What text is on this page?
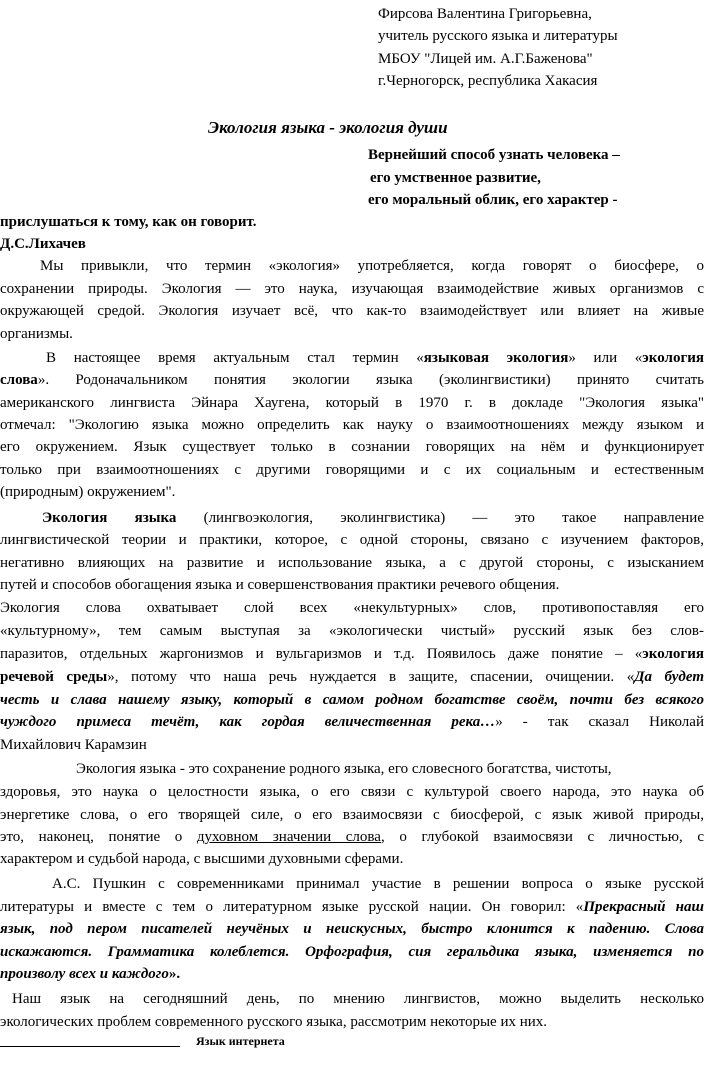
Фирсова Валентина Григорьевна,
учитель русского языка и литературы
МБОУ "Лицей им. А.Г.Баженова"
г.Черногорск, республика Хакасия
Экология языка - экология души
Вернейший способ узнать человека –
его умственное развитие,
его моральный облик, его характер -
прислушаться к тому, как он говорит.
Д.С.Лихачев
Мы привыкли, что термин «экология» употребляется, когда говорят о биосфере, о
сохранении природы. Экология — это наука, изучающая взаимодействие живых организмов с
окружающей средой. Экология изучает всё, что как-то взаимодействует или влияет на живые
организмы.
В настоящее время актуальным стал термин «языковая экология» или «экология
слова». Родоначальником понятия экологии языка (эколингвистики) принято считать
американского лингвиста Эйнара Хаугена, который в 1970 г. в докладе "Экология языка"
отмечал: "Экологию языка можно определить как науку о взаимоотношениях между языком и
его окружением. Язык существует только в сознании говорящих на нём и функционирует
только при взаимоотношениях с другими говорящими и с их социальным и естественным
(природным) окружением".
Экология языка (лингвоэкология, эколингвистика) — это такое направление
лингвистической теории и практики, которое, с одной стороны, связано с изучением факторов,
негативно влияющих на развитие и использование языка, а с другой стороны, с изысканием
путей и способов обогащения языка и совершенствования практики речевого общения.
Экология слова охватывает слой всех «некультурных» слов, противопоставляя его
«культурному», тем самым выступая за «экологически чистый» русский язык без слов-
паразитов, отдельных жаргонизмов и вульгаризмов и т.д. Появилось даже понятие – «экология
речевой среды», потому что наша речь нуждается в защите, спасении, очищении. «Да будет
честь и слава нашему языку, который в самом родном богатстве своём, почти без всякого
чуждого примеса течёт, как гордая величественная река…» - так сказал Николай
Михайлович Карамзин
Экология языка - это сохранение родного языка, его словесного богатства, чистоты,
здоровья, это наука о целостности языка, о его связи с культурой своего народа, это наука об
энергетике слова, о его творящей силе, о его взаимосвязи с биосферой, с язык живой природы,
это, наконец, понятие о духовном значении слова, о глубокой взаимосвязи с личностью, с
характером и судьбой народа, с высшими духовными сферами.
А.С. Пушкин с современниками принимал участие в решении вопроса о языке русской
литературы и вместе с тем о литературном языке русской нации. Он говорил: «Прекрасный наш
язык, под пером писателей неучёных и неискусных, быстро клонится к падению. Слова
искажаются. Грамматика колеблется. Орфография, сия геральдика языка, изменяется по
произволу всех и каждого».
Наш язык на сегодняшний день, по мнению лингвистов, можно выделить несколько
экологических проблем современного русского языка, рассмотрим некоторые их них.
Язык интернета
